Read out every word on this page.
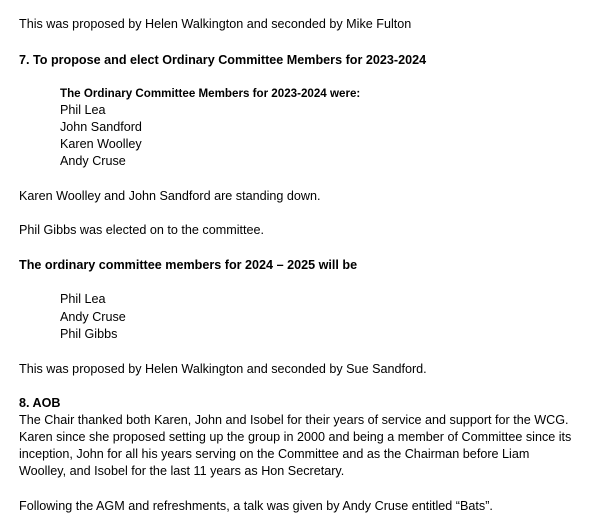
This was proposed by Helen Walkington and seconded by Mike Fulton
7. To propose and elect Ordinary Committee Members for 2023-2024
The Ordinary Committee Members for 2023-2024 were:
Phil Lea
John Sandford
Karen Woolley
Andy Cruse
Karen Woolley and John Sandford are standing down.
Phil Gibbs was elected on to the committee.
The ordinary committee members for 2024 – 2025 will be
Phil Lea
Andy Cruse
Phil Gibbs
This was proposed by Helen Walkington and seconded by Sue Sandford.
8. AOB
The Chair thanked both Karen, John and Isobel for their years of service and support for the WCG.
Karen since she proposed setting up the group in 2000 and being a member of Committee since its
inception, John for all his years serving on the Committee and as the Chairman before Liam
Woolley, and Isobel for the last 11 years as Hon Secretary.
Following the AGM and refreshments, a talk was given by Andy Cruse entitled “Bats”.
